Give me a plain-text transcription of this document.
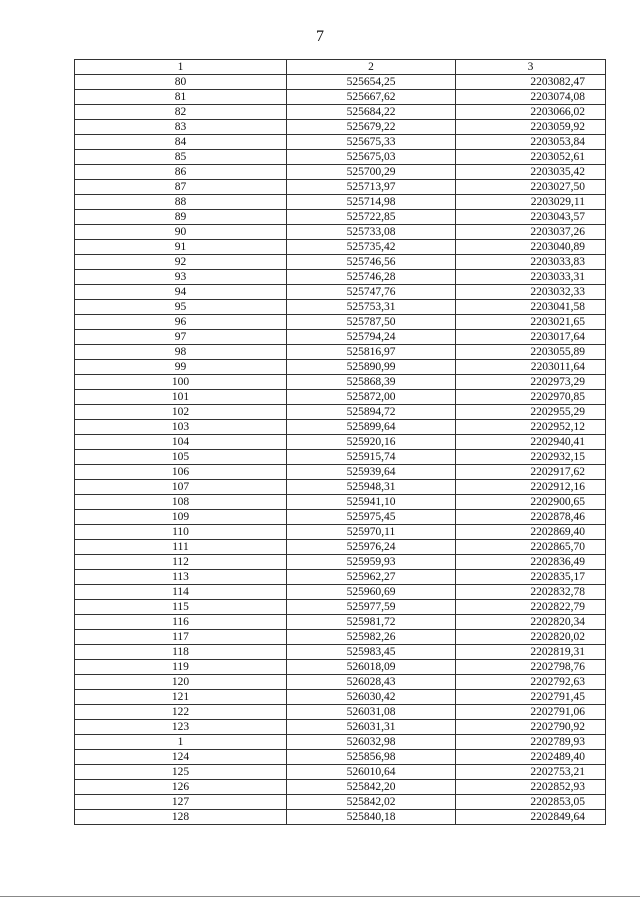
7
1	2	3
80	525654,25	2203082,47
81	525667,62	2203074,08
82	525684,22	2203066,02
83	525679,22	2203059,92
84	525675,33	2203053,84
85	525675,03	2203052,61
86	525700,29	2203035,42
87	525713,97	2203027,50
88	525714,98	2203029,11
89	525722,85	2203043,57
90	525733,08	2203037,26
91	525735,42	2203040,89
92	525746,56	2203033,83
93	525746,28	2203033,31
94	525747,76	2203032,33
95	525753,31	2203041,58
96	525787,50	2203021,65
97	525794,24	2203017,64
98	525816,97	2203055,89
99	525890,99	2203011,64
100	525868,39	2202973,29
101	525872,00	2202970,85
102	525894,72	2202955,29
103	525899,64	2202952,12
104	525920,16	2202940,41
105	525915,74	2202932,15
106	525939,64	2202917,62
107	525948,31	2202912,16
108	525941,10	2202900,65
109	525975,45	2202878,46
110	525970,11	2202869,40
111	525976,24	2202865,70
112	525959,93	2202836,49
113	525962,27	2202835,17
114	525960,69	2202832,78
115	525977,59	2202822,79
116	525981,72	2202820,34
117	525982,26	2202820,02
118	525983,45	2202819,31
119	526018,09	2202798,76
120	526028,43	2202792,63
121	526030,42	2202791,45
122	526031,08	2202791,06
123	526031,31	2202790,92
1	526032,98	2202789,93
124	525856,98	2202489,40
125	526010,64	2202753,21
126	525842,20	2202852,93
127	525842,02	2202853,05
128	525840,18	2202849,64
